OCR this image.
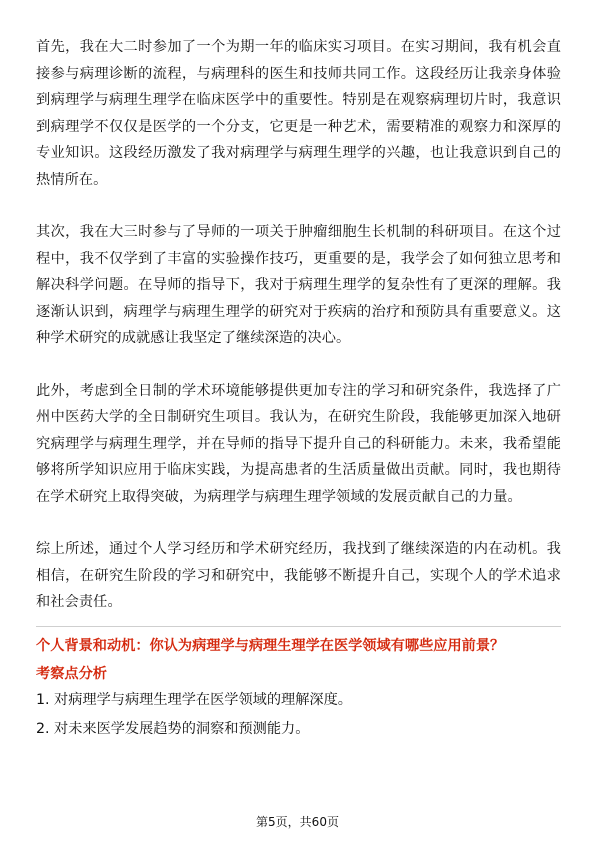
首先，我在大二时参加了一个为期一年的临床实习项目。在实习期间，我有机会直接参与病理诊断的流程，与病理科的医生和技师共同工作。这段经历让我亲身体验到病理学与病理生理学在临床医学中的重要性。特别是在观察病理切片时，我意识到病理学不仅仅是医学的一个分支，它更是一种艺术，需要精准的观察力和深厚的专业知识。这段经历激发了我对病理学与病理生理学的兴趣，也让我意识到自己的热情所在。

其次，我在大三时参与了导师的一项关于肿瘤细胞生长机制的科研项目。在这个过程中，我不仅学到了丰富的实验操作技巧，更重要的是，我学会了如何独立思考和解决科学问题。在导师的指导下，我对于病理生理学的复杂性有了更深的理解。我逐渐认识到，病理学与病理生理学的研究对于疾病的治疗和预防具有重要意义。这种学术研究的成就感让我坚定了继续深造的决心。

此外，考虑到全日制的学术环境能够提供更加专注的学习和研究条件，我选择了广州中医药大学的全日制研究生项目。我认为，在研究生阶段，我能够更加深入地研究病理学与病理生理学，并在导师的指导下提升自己的科研能力。未来，我希望能够将所学知识应用于临床实践，为提高患者的生活质量做出贡献。同时，我也期待在学术研究上取得突破，为病理学与病理生理学领域的发展贡献自己的力量。

综上所述，通过个人学习经历和学术研究经历，我找到了继续深造的内在动机。我相信，在研究生阶段的学习和研究中，我能够不断提升自己，实现个人的学术追求和社会责任。

个人背景和动机：你认为病理学与病理生理学在医学领域有哪些应用前景？
考察点分析
1. 对病理学与病理生理学在医学领域的理解深度。
2. 对未来医学发展趋势的洞察和预测能力。
第5页，共60页
